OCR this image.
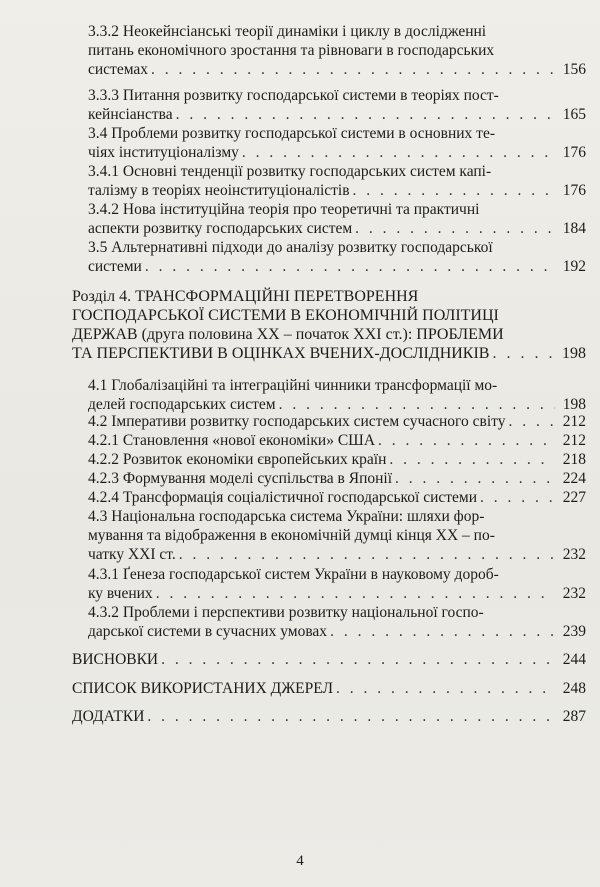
3.3.2 Неокейнсіанські теорії динаміки і циклу в дослідженні
питань економічного зростання та рівноваги в господарських
системах . . .	156
3.3.3 Питання розвитку господарської системи в теоріях пост-
кейнсіанства . . .	165
3.4 Проблеми розвитку господарської системи в основних те-
чіях інституціоналізму . . .	176
3.4.1 Основні тенденції розвитку господарських систем капі-
талізму в теоріях неоінституціоналістів . . .	176
3.4.2 Нова інституційна теорія про теоретичні та практичні
аспекти розвитку господарських систем . . .	184
3.5 Альтернативні підходи до аналізу розвитку господарської
системи . . .	192
Розділ 4. ТРАНСФОРМАЦІЙНІ ПЕРЕТВОРЕННЯ
ГОСПОДАРСЬКОЇ СИСТЕМИ В ЕКОНОМІЧНІЙ ПОЛІТИЦІ
ДЕРЖАВ (друга половина ХХ – початок ХХІ ст.): ПРОБЛЕМИ
ТА ПЕРСПЕКТИВИ В ОЦІНКАХ ВЧЕНИХ-ДОСЛІДНИКІВ . . .	198
4.1 Глобалізаційні та інтеграційні чинники трансформації мо-
делей господарських систем . . .	198
4.2 Імперативи розвитку господарських систем сучасного світу . . .	212
4.2.1 Становлення «нової економіки» США . . .	212
4.2.2 Розвиток економіки європейських країн . . .	218
4.2.3 Формування моделі суспільства в Японії . . .	224
4.2.4 Трансформація соціалістичної господарської системи . . .	227
4.3 Національна господарська система України: шляхи фор-
мування та відображення в економічній думці кінця ХХ – по-
чатку ХХІ ст. . . .	232
4.3.1 Ґенеза господарської систем України в науковому дороб-
ку вчених . . .	232
4.3.2 Проблеми і перспективи розвитку національної госпо-
дарської системи в сучасних умовах . . .	239
ВИСНОВКИ . . .	244
СПИСОК ВИКОРИСТАНИХ ДЖЕРЕЛ . . .	248
ДОДАТКИ . . .	287
4
